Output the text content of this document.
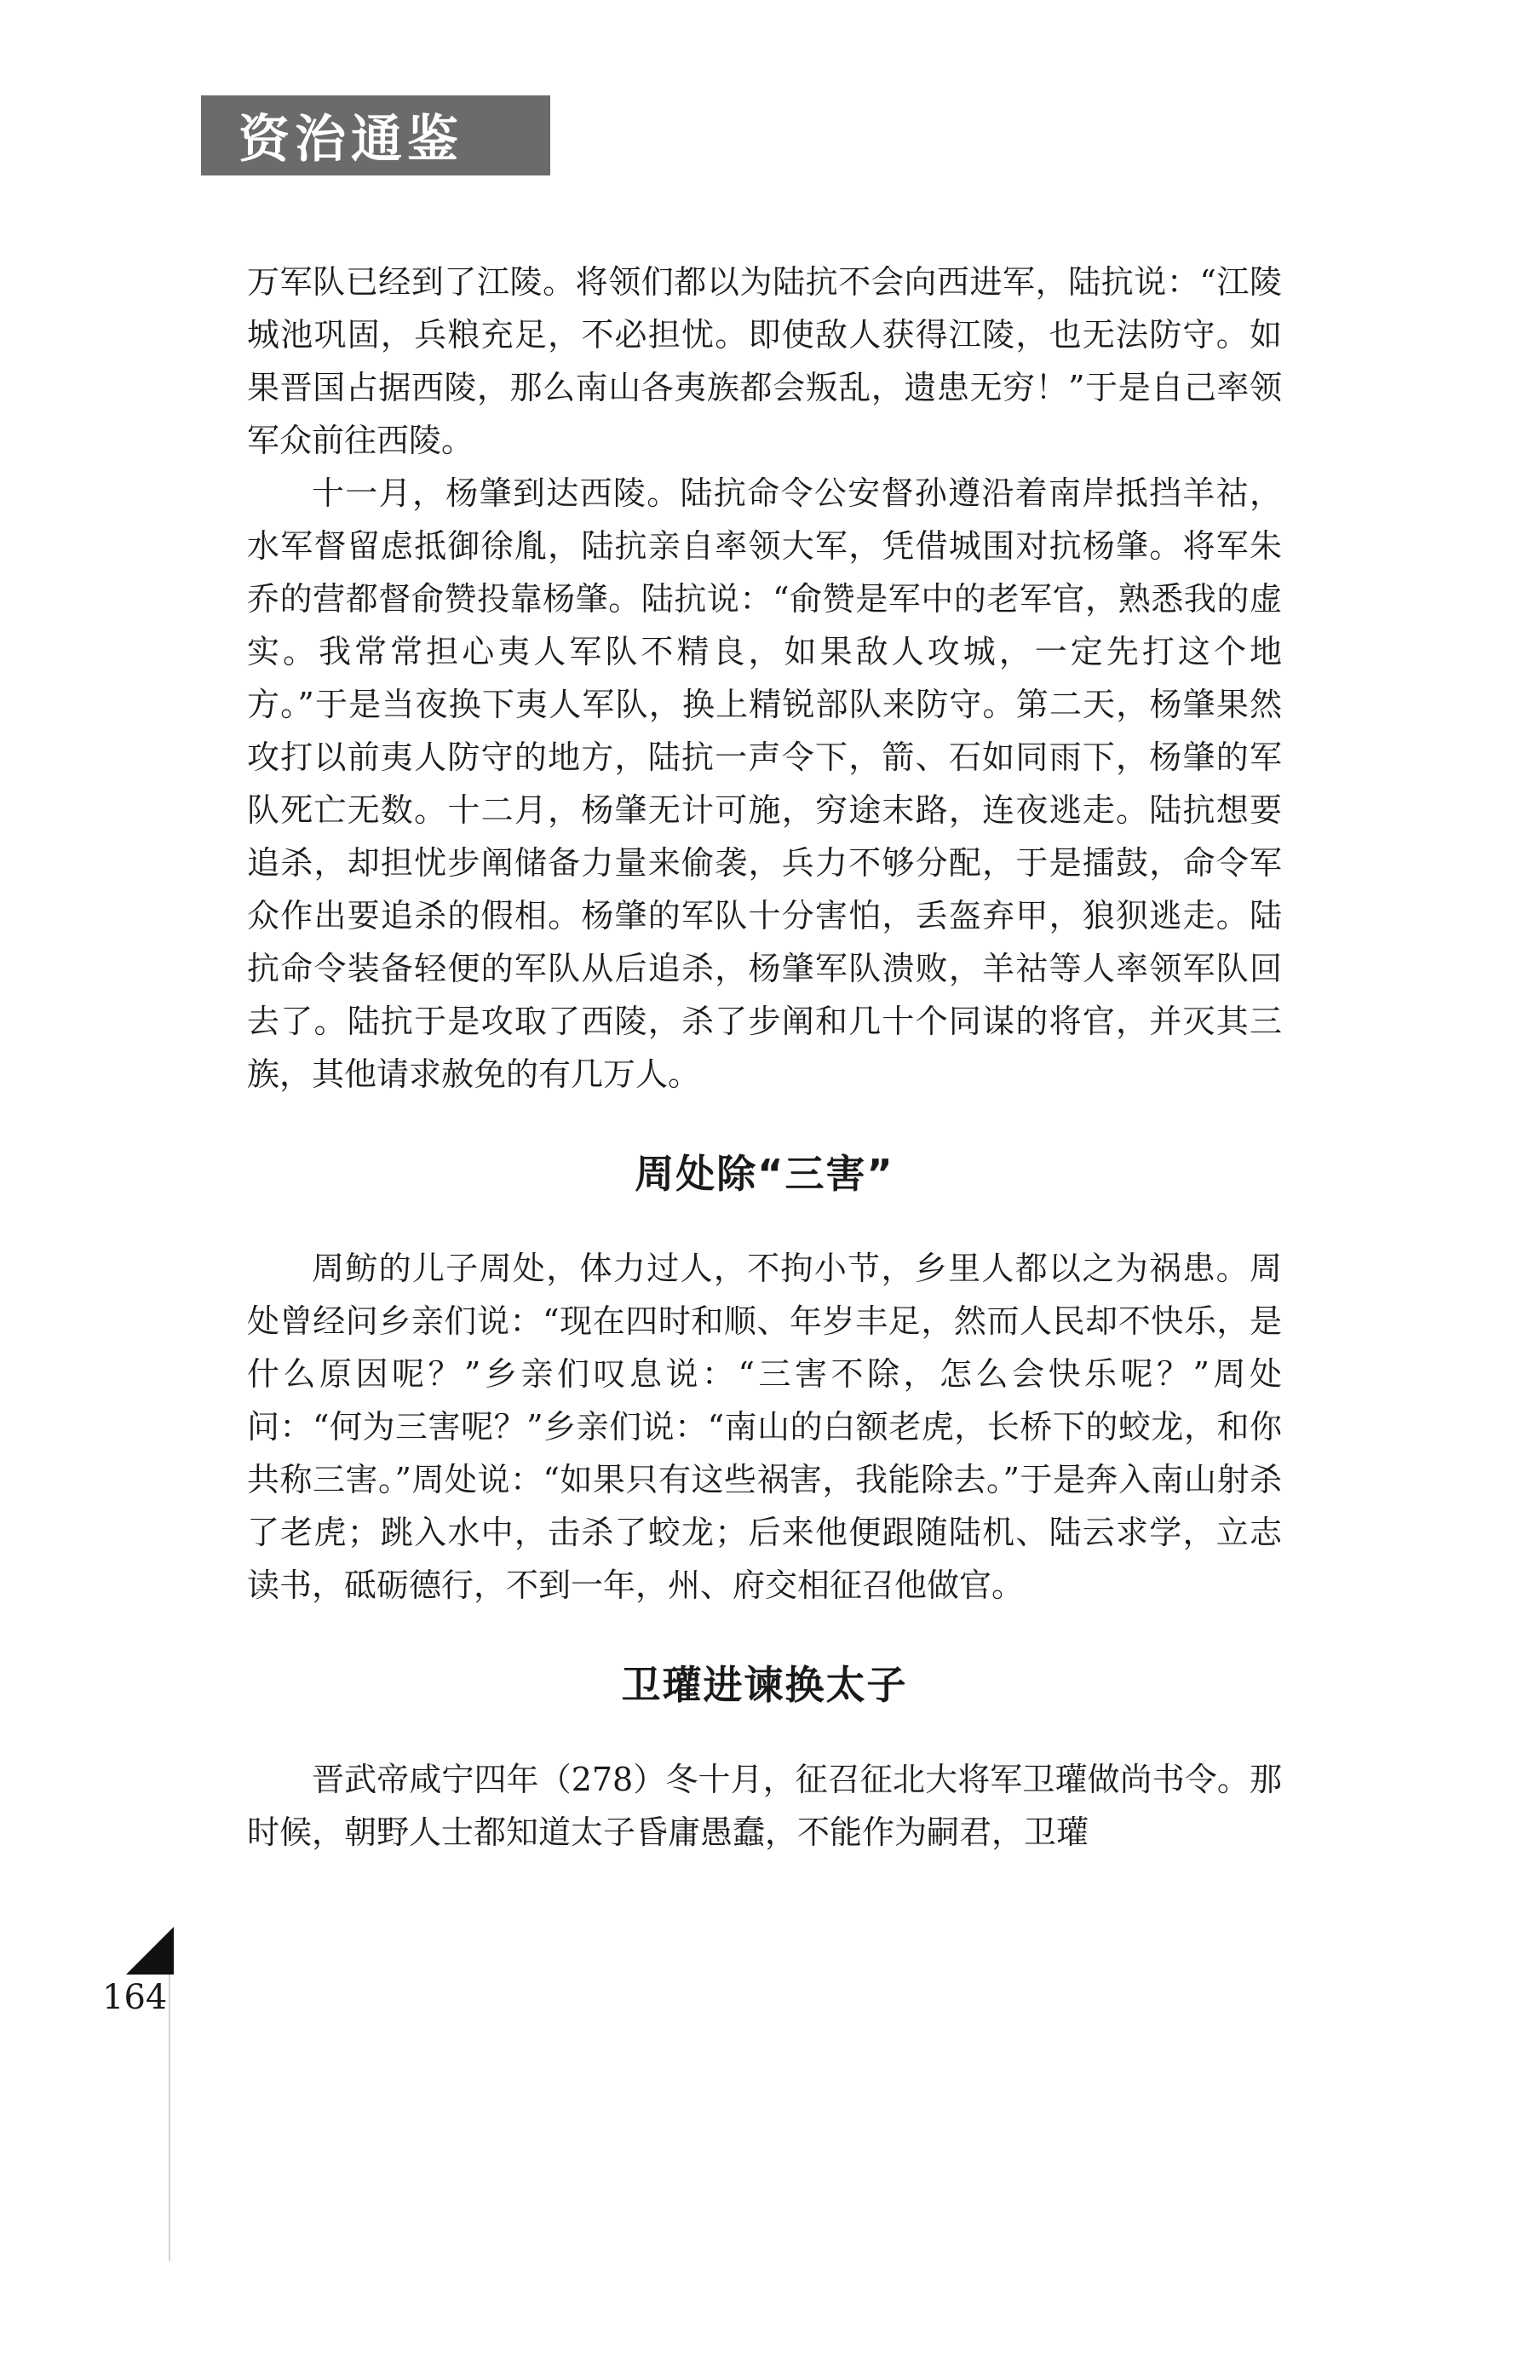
资治通鉴

万军队已经到了江陵。将领们都以为陆抗不会向西进军，陆抗说：“江陵城池巩固，兵粮充足，不必担忧。即使敌人获得江陵，也无法防守。如果晋国占据西陵，那么南山各夷族都会叛乱，遗患无穷！”于是自己率领军众前往西陵。

十一月，杨肇到达西陵。陆抗命令公安督孙遵沿着南岸抵挡羊祜，水军督留虑抵御徐胤，陆抗亲自率领大军，凭借城围对抗杨肇。将军朱乔的营都督俞赞投靠杨肇。陆抗说：“俞赞是军中的老军官，熟悉我的虚实。我常常担心夷人军队不精良，如果敌人攻城，一定先打这个地方。”于是当夜换下夷人军队，换上精锐部队来防守。第二天，杨肇果然攻打以前夷人防守的地方，陆抗一声令下，箭、石如同雨下，杨肇的军队死亡无数。十二月，杨肇无计可施，穷途末路，连夜逃走。陆抗想要追杀，却担忧步阐储备力量来偷袭，兵力不够分配，于是擂鼓，命令军众作出要追杀的假相。杨肇的军队十分害怕，丢盔弃甲，狼狈逃走。陆抗命令装备轻便的军队从后追杀，杨肇军队溃败，羊祜等人率领军队回去了。陆抗于是攻取了西陵，杀了步阐和几十个同谋的将官，并灭其三族，其他请求赦免的有几万人。

周处除“三害”

周鲂的儿子周处，体力过人，不拘小节，乡里人都以之为祸患。周处曾经问乡亲们说：“现在四时和顺、年岁丰足，然而人民却不快乐，是什么原因呢？”乡亲们叹息说：“三害不除，怎么会快乐呢？”周处问：“何为三害呢？”乡亲们说：“南山的白额老虎，长桥下的蛟龙，和你共称三害。”周处说：“如果只有这些祸害，我能除去。”于是奔入南山射杀了老虎；跳入水中，击杀了蛟龙；后来他便跟随陆机、陆云求学，立志读书，砥砺德行，不到一年，州、府交相征召他做官。

卫瓘进谏换太子

晋武帝咸宁四年（278）冬十月，征召征北大将军卫瓘做尚书令。那时候，朝野人士都知道太子昏庸愚蠢，不能作为嗣君，卫瓘

164
